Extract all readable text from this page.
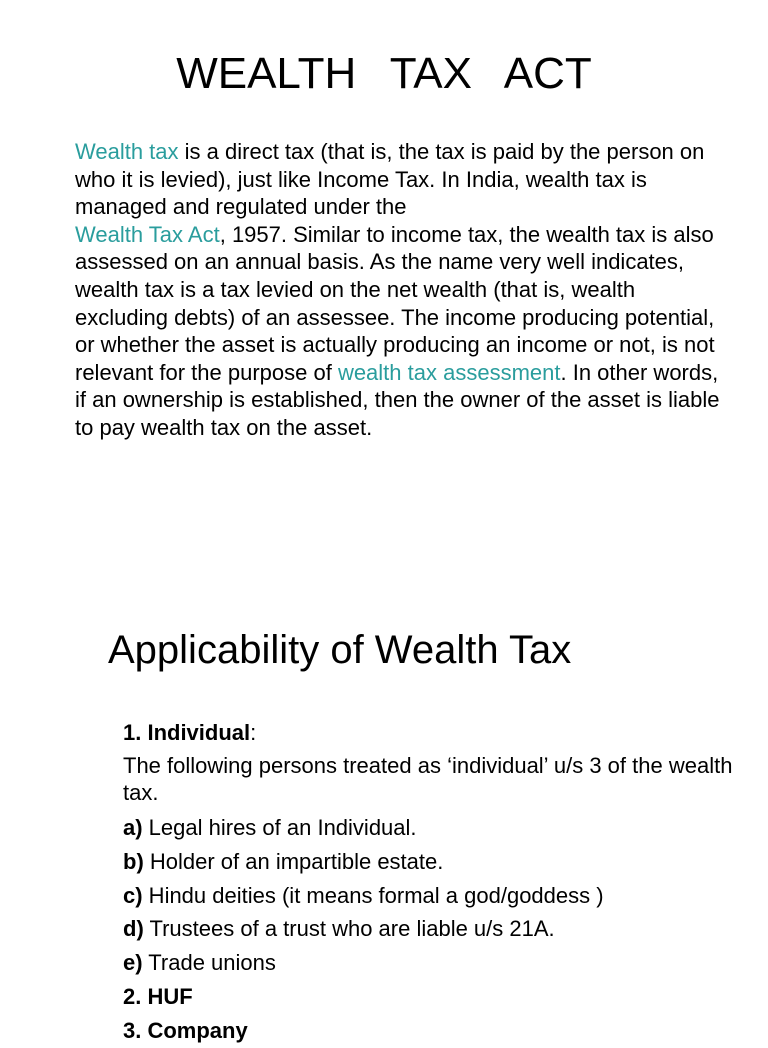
WEALTH TAX ACT
Wealth tax is a direct tax (that is, the tax is paid by the person on who it is levied), just like Income Tax. In India, wealth tax is managed and regulated under the
Wealth Tax Act, 1957. Similar to income tax, the wealth tax is also assessed on an annual basis. As the name very well indicates, wealth tax is a tax levied on the net wealth (that is, wealth excluding debts) of an assessee. The income producing potential, or whether the asset is actually producing an income or not, is not relevant for the purpose of wealth tax assessment. In other words, if an ownership is established, then the owner of the asset is liable to pay wealth tax on the asset.
Applicability of Wealth Tax
1. Individual:
The following persons treated as ‘individual’ u/s 3 of the wealth tax.
a) Legal hires of an Individual.
b) Holder of an impartible estate.
c) Hindu deities (it means formal a god/goddess )
d) Trustees of a trust who are liable u/s 21A.
e) Trade unions
2. HUF
3. Company
